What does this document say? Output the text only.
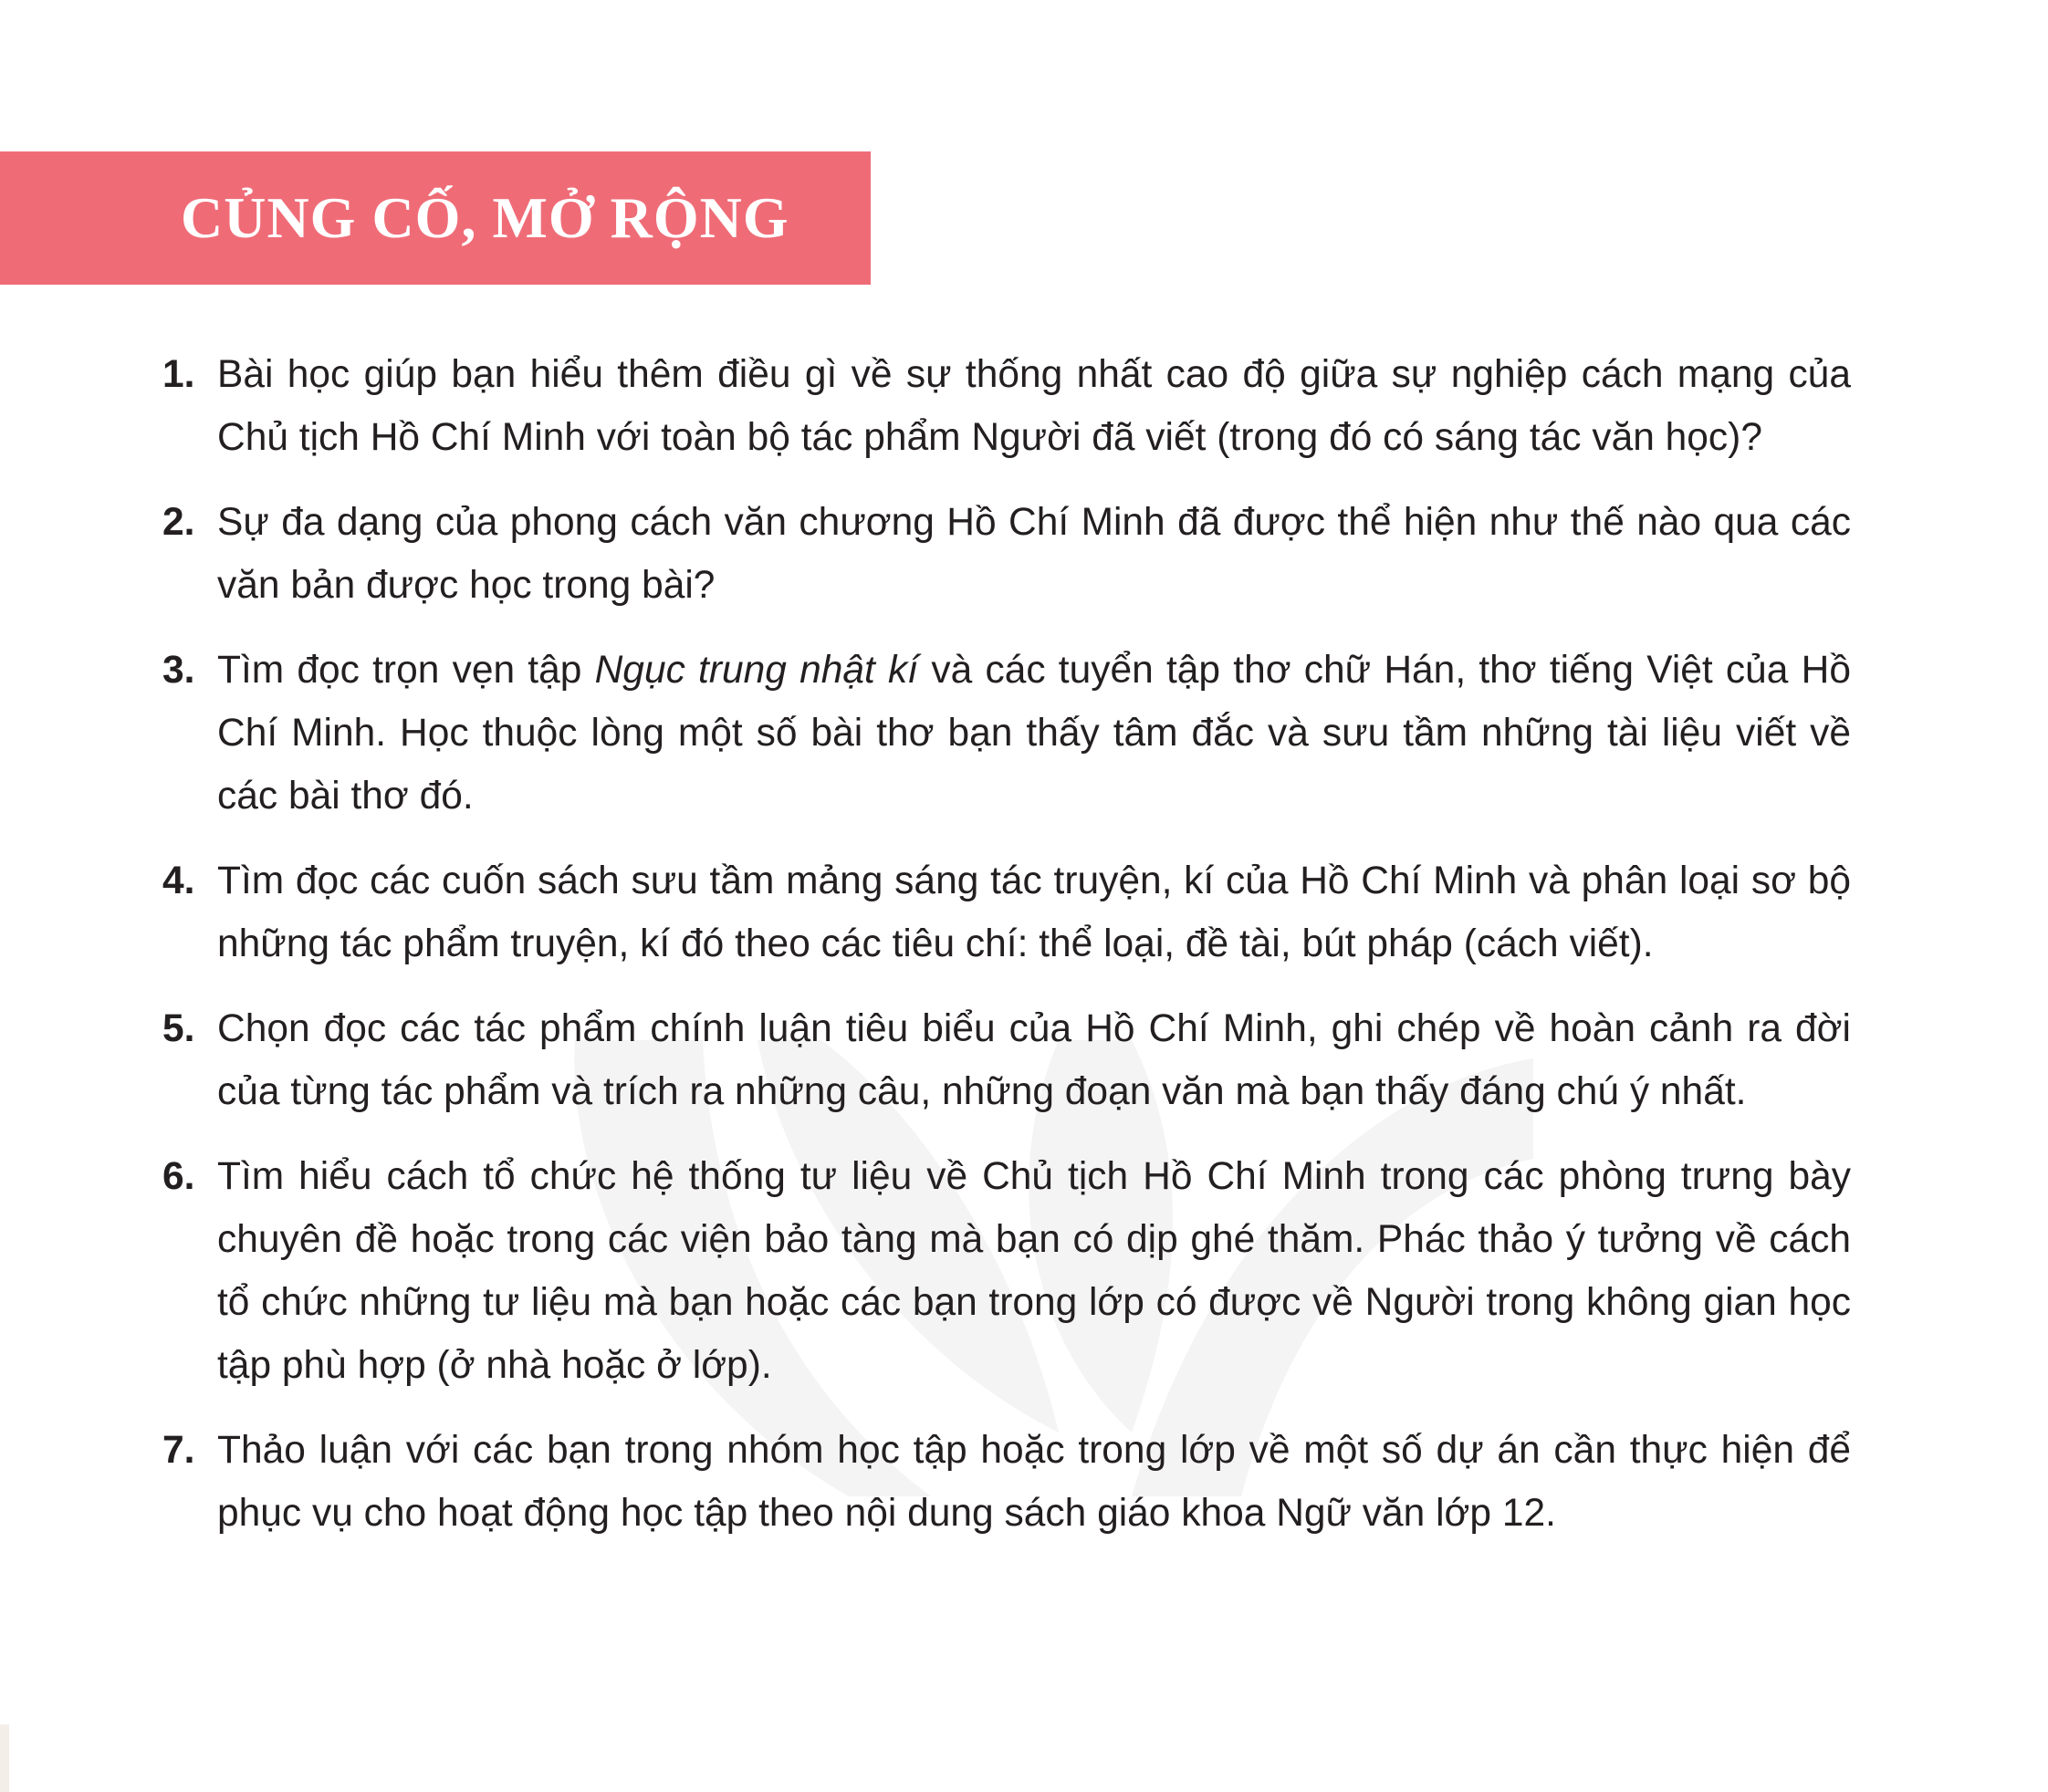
CỦNG CỐ, MỞ RỘNG
1. Bài học giúp bạn hiểu thêm điều gì về sự thống nhất cao độ giữa sự nghiệp cách mạng của Chủ tịch Hồ Chí Minh với toàn bộ tác phẩm Người đã viết (trong đó có sáng tác văn học)?
2. Sự đa dạng của phong cách văn chương Hồ Chí Minh đã được thể hiện như thế nào qua các văn bản được học trong bài?
3. Tìm đọc trọn vẹn tập Ngục trung nhật kí và các tuyển tập thơ chữ Hán, thơ tiếng Việt của Hồ Chí Minh. Học thuộc lòng một số bài thơ bạn thấy tâm đắc và sưu tầm những tài liệu viết về các bài thơ đó.
4. Tìm đọc các cuốn sách sưu tầm mảng sáng tác truyện, kí của Hồ Chí Minh và phân loại sơ bộ những tác phẩm truyện, kí đó theo các tiêu chí: thể loại, đề tài, bút pháp (cách viết).
5. Chọn đọc các tác phẩm chính luận tiêu biểu của Hồ Chí Minh, ghi chép về hoàn cảnh ra đời của từng tác phẩm và trích ra những câu, những đoạn văn mà bạn thấy đáng chú ý nhất.
6. Tìm hiểu cách tổ chức hệ thống tư liệu về Chủ tịch Hồ Chí Minh trong các phòng trưng bày chuyên đề hoặc trong các viện bảo tàng mà bạn có dịp ghé thăm. Phác thảo ý tưởng về cách tổ chức những tư liệu mà bạn hoặc các bạn trong lớp có được về Người trong không gian học tập phù hợp (ở nhà hoặc ở lớp).
7. Thảo luận với các bạn trong nhóm học tập hoặc trong lớp về một số dự án cần thực hiện để phục vụ cho hoạt động học tập theo nội dung sách giáo khoa Ngữ văn lớp 12.
